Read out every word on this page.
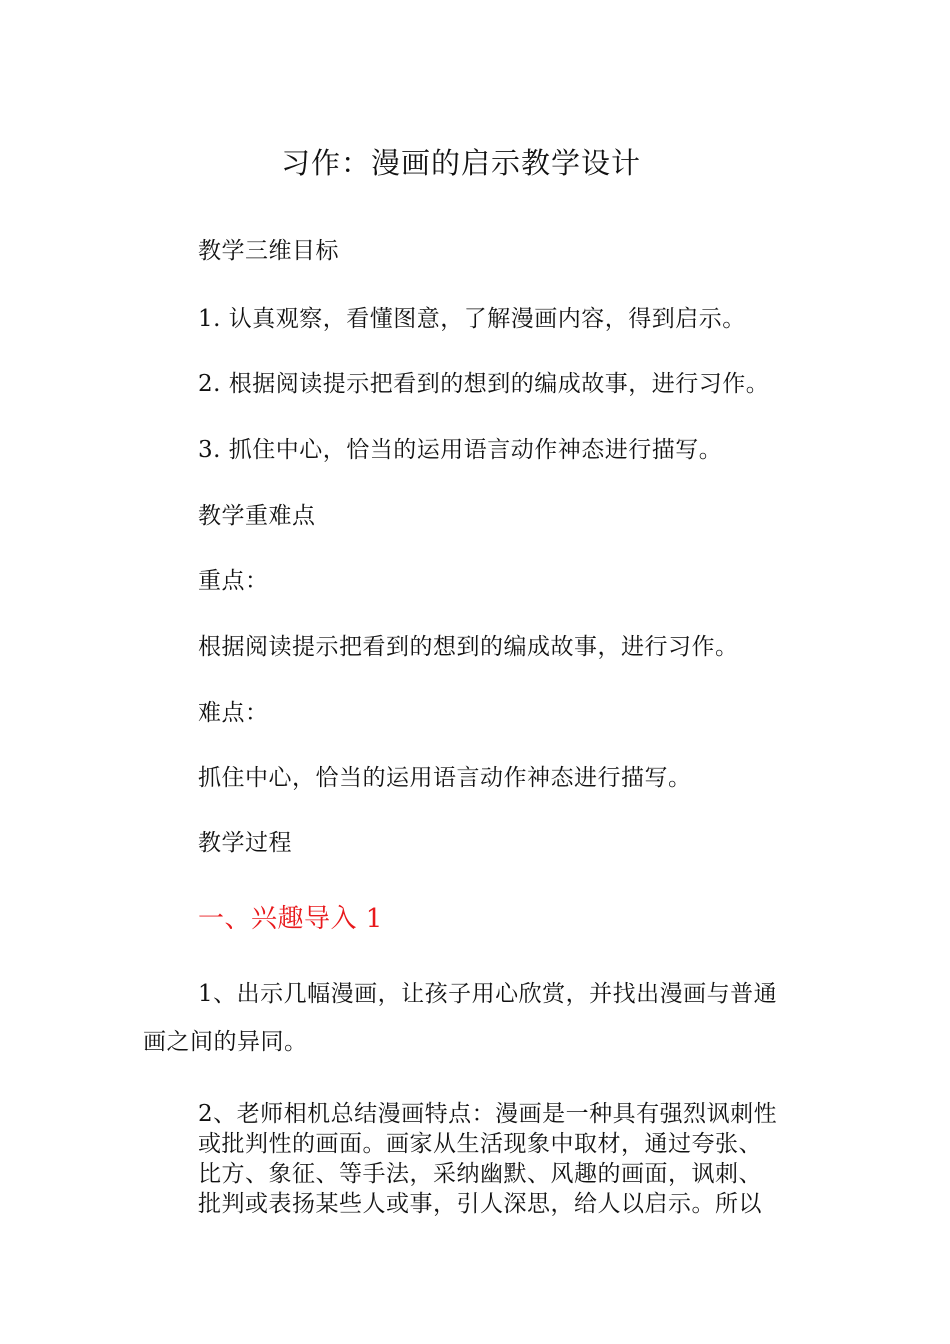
习作：漫画的启示教学设计
教学三维目标
1. 认真观察，看懂图意，了解漫画内容，得到启示。
2. 根据阅读提示把看到的想到的编成故事，进行习作。
3. 抓住中心，恰当的运用语言动作神态进行描写。
教学重难点
重点：
根据阅读提示把看到的想到的编成故事，进行习作。
难点：
抓住中心，恰当的运用语言动作神态进行描写。
教学过程
一、兴趣导入 1
1、出示几幅漫画，让孩子用心欣赏，并找出漫画与普通
画之间的异同。
2、老师相机总结漫画特点：漫画是一种具有强烈讽刺性
或批判性的画面。画家从生活现象中取材，通过夸张、
比方、象征、等手法，采纳幽默、风趣的画面，讽刺、
批判或表扬某些人或事，引人深思，给人以启示。所以
